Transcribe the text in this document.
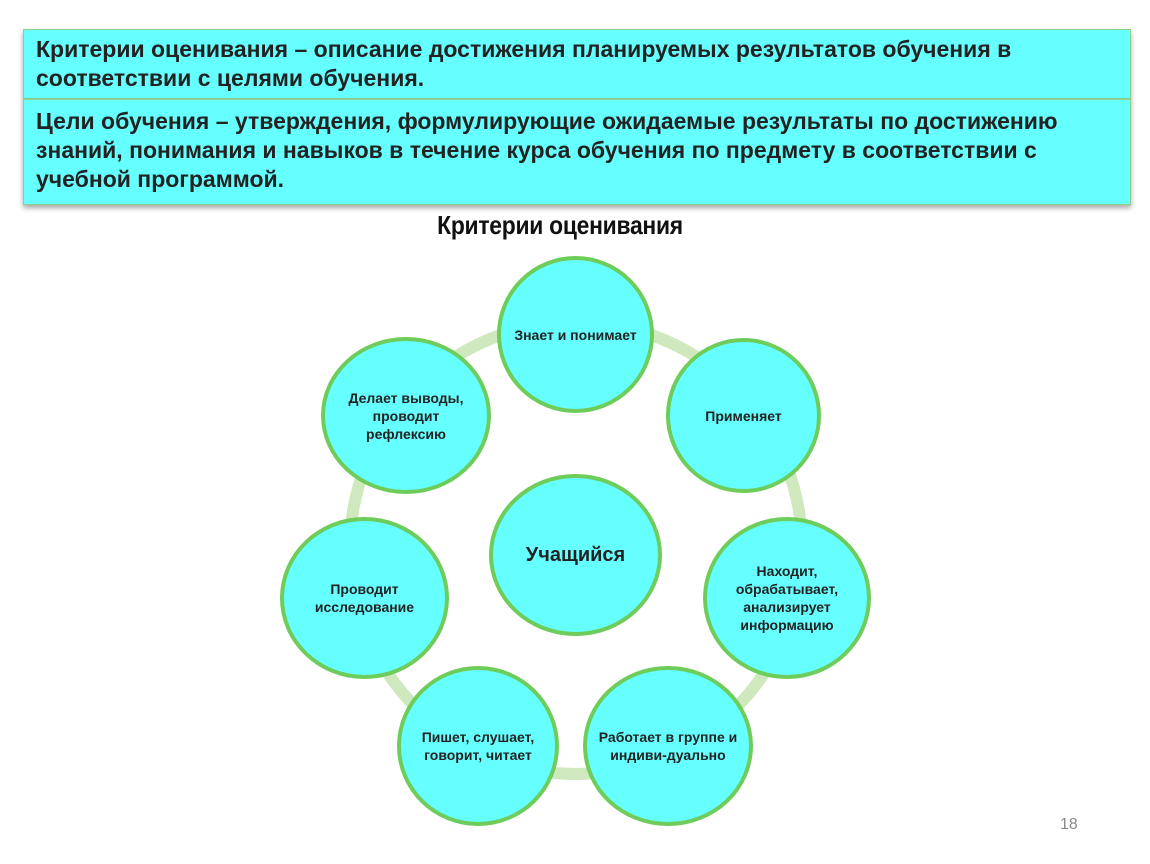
Критерии оценивания – описание достижения планируемых результатов обучения в соответствии с целями обучения.
Цели обучения – утверждения, формулирующие ожидаемые результаты по достижению знаний, понимания и навыков в течение курса обучения по предмету в соответствии с учебной программой.
Критерии оценивания
Знает и понимает
Применяет
Находит, обрабатывает, анализирует информацию
Работает в группе и индиви-дуально
Пишет, слушает, говорит, читает
Проводит исследование
Делает выводы, проводит рефлексию
Учащийся
18
